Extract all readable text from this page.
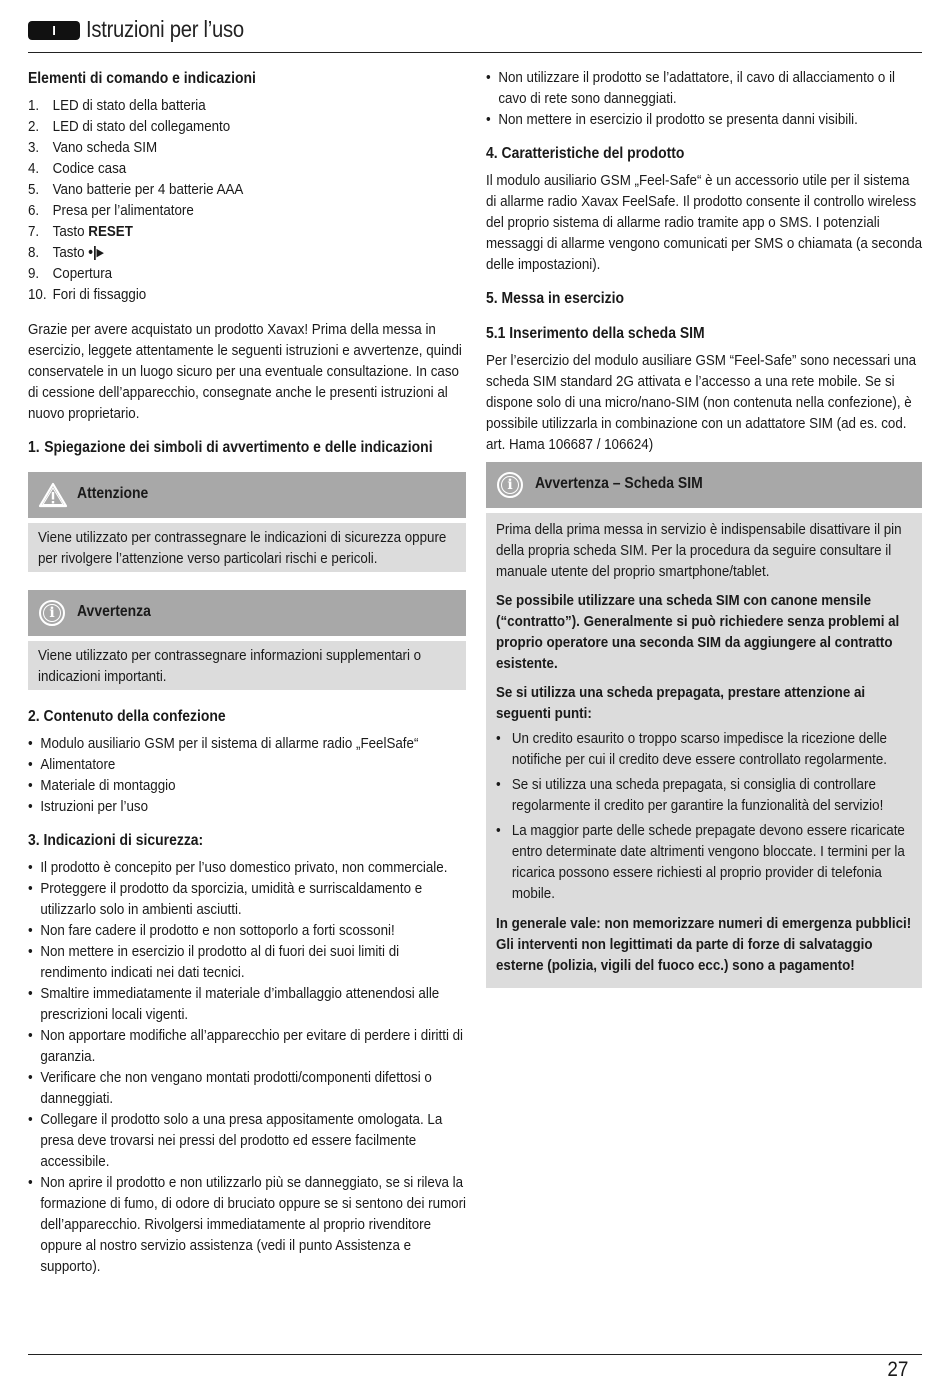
I	Istruzioni per l’uso
Elementi di comando e indicazioni
1. LED di stato della batteria
2. LED di stato del collegamento
3. Vano scheda SIM
4. Codice casa
5. Vano batterie per 4 batterie AAA
6. Presa per l’alimentatore
7. Tasto RESET
8. Tasto •|▸
9. Copertura
10. Fori di fissaggio

Grazie per avere acquistato un prodotto Xavax! Prima della messa in esercizio, leggete attentamente le seguenti istruzioni e avvertenze, quindi conservatele in un luogo sicuro per una eventuale consultazione. In caso di cessione dell’apparecchio, consegnate anche le presenti istruzioni al nuovo proprietario.

1. Spiegazione dei simboli di avvertimento e delle indicazioni
Attenzione

Viene utilizzato per contrassegnare le indicazioni di sicurezza oppure per rivolgere l’attenzione verso particolari rischi e pericoli.

i	Avvertenza

Viene utilizzato per contrassegnare informazioni supplementari o indicazioni importanti.

2. Contenuto della confezione
• Modulo ausiliario GSM per il sistema di allarme radio „FeelSafe“
• Alimentatore
• Materiale di montaggio
• Istruzioni per l’uso
3. Indicazioni di sicurezza:
• Il prodotto è concepito per l’uso domestico privato, non commerciale.
• Proteggere il prodotto da sporcizia, umidità e surriscaldamento e utilizzarlo solo in ambienti asciutti.
• Non fare cadere il prodotto e non sottoporlo a forti scossoni!
• Non mettere in esercizio il prodotto al di fuori dei suoi limiti di rendimento indicati nei dati tecnici.
• Smaltire immediatamente il materiale d’imballaggio attenendosi alle prescrizioni locali vigenti.
• Non apportare modifiche all’apparecchio per evitare di perdere i diritti di garanzia.
• Verificare che non vengano montati prodotti/componenti difettosi o danneggiati.
• Collegare il prodotto solo a una presa appositamente omologata. La presa deve trovarsi nei pressi del prodotto ed essere facilmente accessibile.
• Non aprire il prodotto e non utilizzarlo più se danneggiato, se si rileva la formazione di fumo, di odore di bruciato oppure se si sentono dei rumori dell’apparecchio. Rivolgersi immediatamente al proprio rivenditore oppure al nostro servizio assistenza (vedi il punto Assistenza e supporto).
• Non utilizzare il prodotto se l’adattatore, il cavo di allacciamento o il cavo di rete sono danneggiati.
• Non mettere in esercizio il prodotto se presenta danni visibili.
4. Caratteristiche del prodotto

Il modulo ausiliario GSM „Feel-Safe“ è un accessorio utile per il sistema di allarme radio Xavax FeelSafe. Il prodotto consente il controllo wireless del proprio sistema di allarme radio tramite app o SMS. I potenziali messaggi di allarme vengono comunicati per SMS o chiamata (a seconda delle impostazioni).

5. Messa in esercizio
5.1 Inserimento della scheda SIM

Per l’esercizio del modulo ausiliare GSM “Feel-Safe” sono necessari una scheda SIM standard 2G attivata e l’accesso a una rete mobile. Se si dispone solo di una micro/nano-SIM (non contenuta nella confezione), è possibile utilizzarla in combinazione con un adattatore SIM (ad es. cod. art. Hama 106687 / 106624)

i	Avvertenza – Scheda SIM

Prima della prima messa in servizio è indispensabile disattivare il pin della propria scheda SIM. Per la procedura da seguire consultare il manuale utente del proprio smartphone/tablet.

Se possibile utilizzare una scheda SIM con canone mensile (“contratto”). Generalmente si può richiedere senza problemi al proprio operatore una seconda SIM da aggiungere al contratto esistente.

Se si utilizza una scheda prepagata, prestare attenzione ai seguenti punti:

• Un credito esaurito o troppo scarso impedisce la ricezione delle notifiche per cui il credito deve essere controllato regolarmente.
• Se si utilizza una scheda prepagata, si consiglia di controllare regolarmente il credito per garantire la funzionalità del servizio!
• La maggior parte delle schede prepagate devono essere ricaricate entro determinate date altrimenti vengono bloccate. I termini per la ricarica possono essere richiesti al proprio provider di telefonia mobile.

In generale vale: non memorizzare numeri di emergenza pubblici! Gli interventi non legittimati da parte di forze di salvataggio esterne (polizia, vigili del fuoco ecc.) sono a pagamento!

27
